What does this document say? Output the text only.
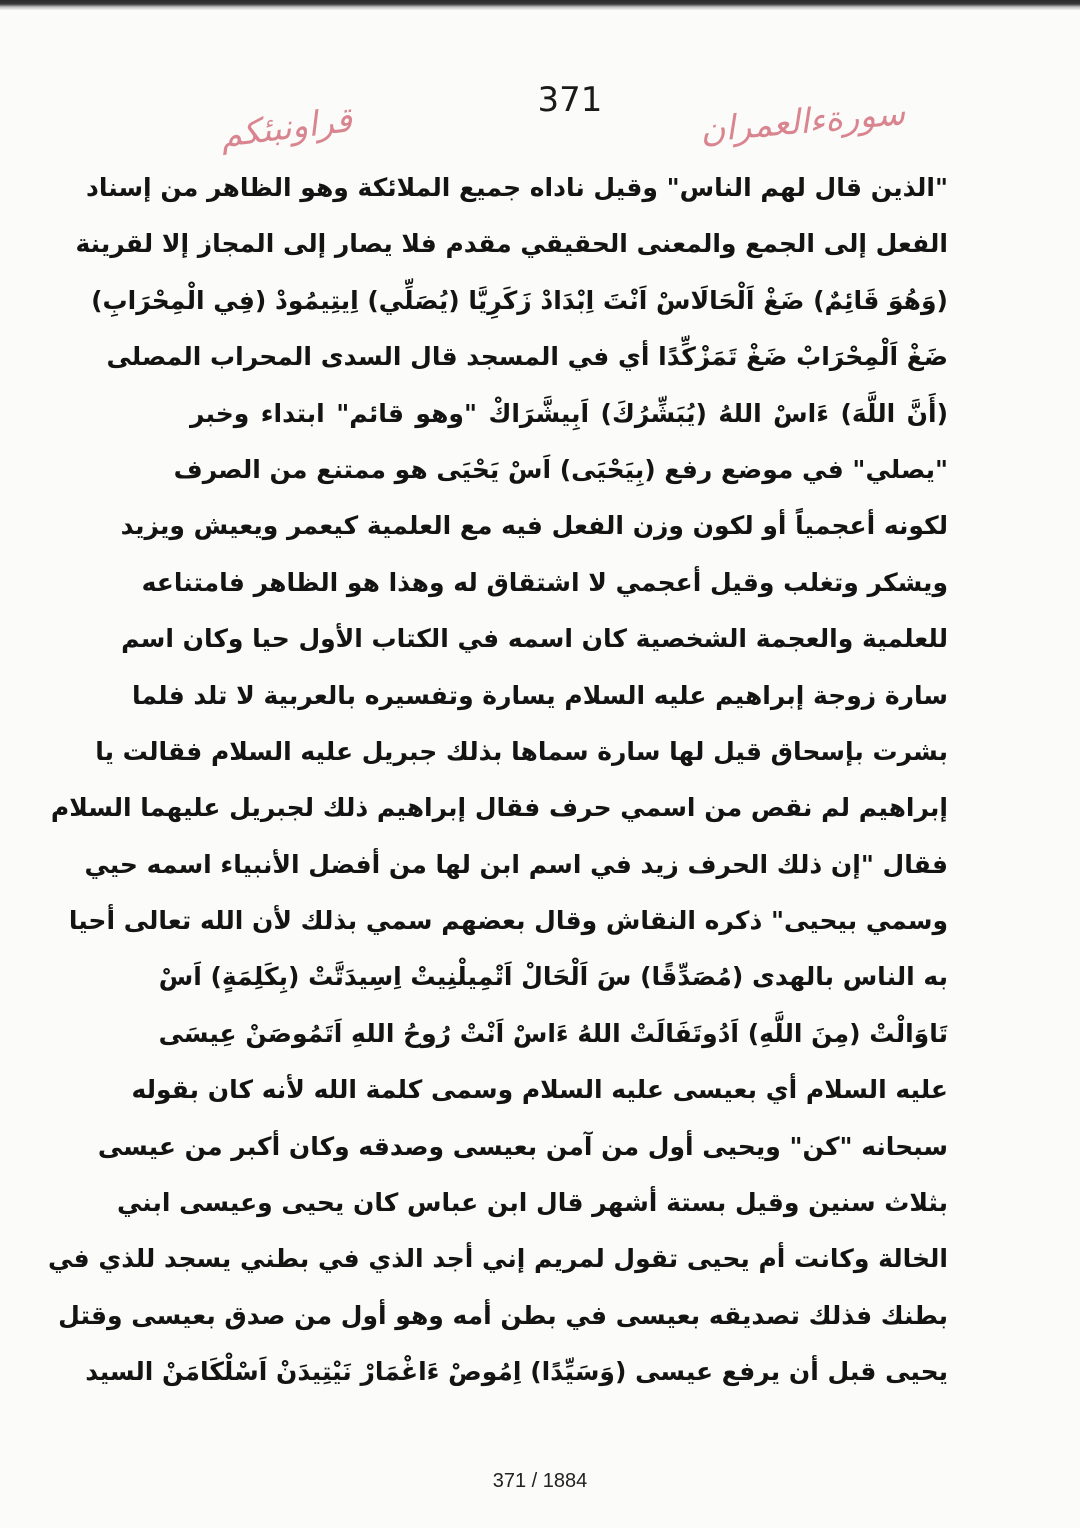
371
قراونبئكم	سورةءالعمران
"الذين قال لهم الناس" وقيل ناداه جميع الملائكة وهو الظاهر من إسناد
الفعل إلى الجمع والمعنى الحقيقي مقدم فلا يصار إلى المجاز إلا لقرينة
(وَهُوَ قَائِمٌ) ضَغْ اَلْحَالَاسْ اَنْتَ اِبْدَادْ زَكَرِيَّا (يُصَلِّي) اِيتِيمُودْ (فِي الْمِحْرَابِ)
ضَغْ اَلْمِحْرَابْ ضَغْ تَمَزْكِّدًا أي في المسجد قال السدى المحراب المصلى
(أَنَّ اللَّهَ) ءَاسْ اللهُ (يُبَشِّرُكَ) اَبِيشَّرَاكْ "وهو قائم" ابتداء وخبر
"يصلي" في موضع رفع (بِيَحْيَى) اَسْ يَحْيَى هو ممتنع من الصرف
لكونه أعجمياً أو لكون وزن الفعل فيه مع العلمية كيعمر ويعيش ويزيد
ويشكر وتغلب وقيل أعجمي لا اشتقاق له وهذا هو الظاهر فامتناعه
للعلمية والعجمة الشخصية كان اسمه في الكتاب الأول حيا وكان اسم
سارة زوجة إبراهيم عليه السلام يسارة وتفسيره بالعربية لا تلد فلما
بشرت بإسحاق قيل لها سارة سماها بذلك جبريل عليه السلام فقالت يا
إبراهيم لم نقص من اسمي حرف فقال إبراهيم ذلك لجبريل عليهما السلام
فقال "إن ذلك الحرف زيد في اسم ابن لها من أفضل الأنبياء اسمه حيي
وسمي بيحيى" ذكره النقاش وقال بعضهم سمي بذلك لأن الله تعالى أحيا
به الناس بالهدى (مُصَدِّقًا) سَ اَلْحَالْ اَتْمِيلْنِيتْ اِسِيدَتَّتْ (بِكَلِمَةٍ) اَسْ
تَاوَالْتْ (مِنَ اللَّهِ) اَدُوتَفَالَتْ اللهُ ءَاسْ اَنْتْ رُوحُ اللهِ اَتَمُوصَنْ عِيسَى
عليه السلام أي بعيسى عليه السلام وسمى كلمة الله لأنه كان بقوله
سبحانه "كن" ويحيى أول من آمن بعيسى وصدقه وكان أكبر من عيسى
بثلاث سنين وقيل بستة أشهر قال ابن عباس كان يحيى وعيسى ابني
الخالة وكانت أم يحيى تقول لمريم إني أجد الذي في بطني يسجد للذي في
بطنك فذلك تصديقه بعيسى في بطن أمه وهو أول من صدق بعيسى وقتل
يحيى قبل أن يرفع عيسى (وَسَيِّدًا) اِمُوصْ ءَاغْمَارْ نَيْتِيدَنْ اَسْلْكَامَنْ السيد
371 / 1884
